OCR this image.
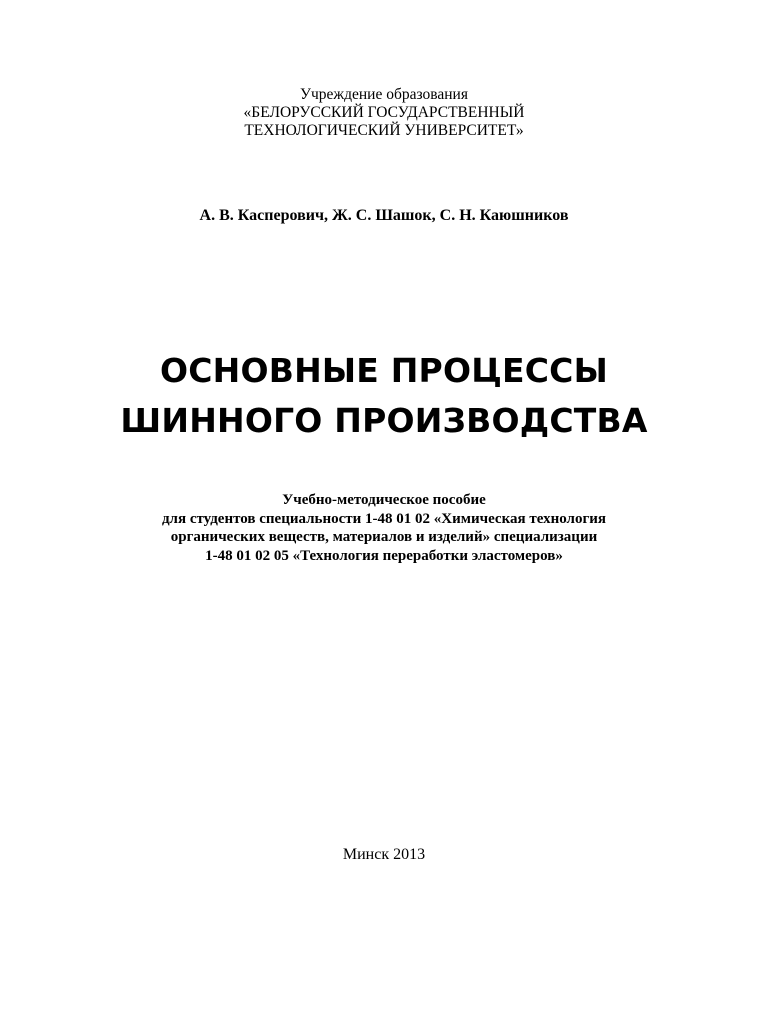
Учреждение образования
«БЕЛОРУССКИЙ ГОСУДАРСТВЕННЫЙ
ТЕХНОЛОГИЧЕСКИЙ УНИВЕРСИТЕТ»
А. В. Касперович, Ж. С. Шашок, С. Н. Каюшников
ОСНОВНЫЕ ПРОЦЕССЫ
ШИННОГО ПРОИЗВОДСТВА
Учебно-методическое пособие
для студентов специальности 1-48 01 02 «Химическая технология
органических веществ, материалов и изделий» специализации
1-48 01 02 05 «Технология переработки эластомеров»
Минск 2013
